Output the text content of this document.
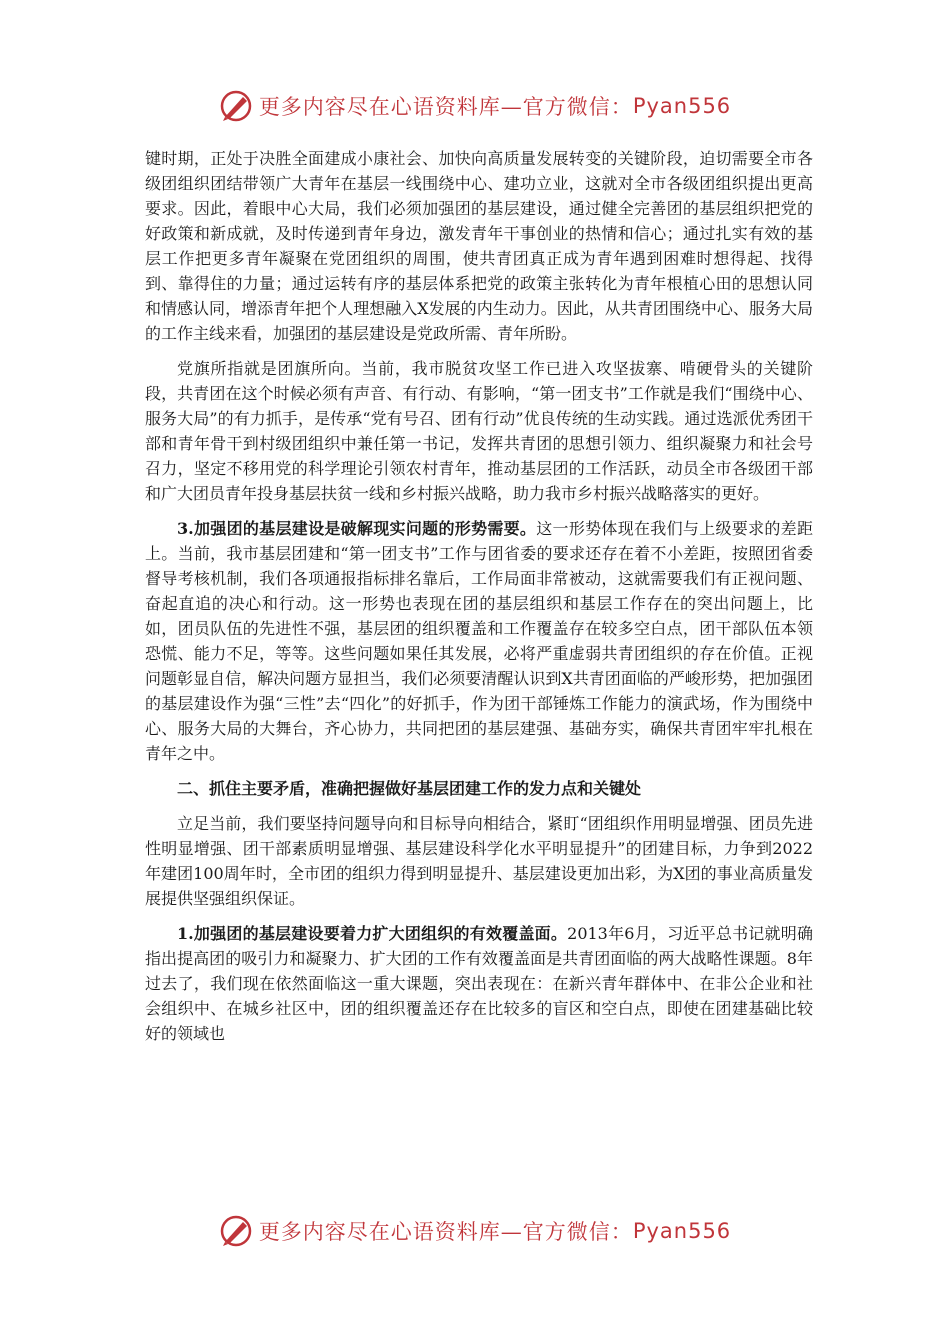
更多内容尽在心语资料库—官方微信： Pyan556

键时期，正处于决胜全面建成小康社会、加快向高质量发展转变的关键阶段，迫切需要全市各级团组织团结带领广大青年在基层一线围绕中心、建功立业，这就对全市各级团组织提出更高要求。因此，着眼中心大局，我们必须加强团的基层建设，通过健全完善团的基层组织把党的好政策和新成就，及时传递到青年身边，激发青年干事创业的热情和信心；通过扎实有效的基层工作把更多青年凝聚在党团组织的周围，使共青团真正成为青年遇到困难时想得起、找得到、靠得住的力量；通过运转有序的基层体系把党的政策主张转化为青年根植心田的思想认同和情感认同，增添青年把个人理想融入X发展的内生动力。因此，从共青团围绕中心、服务大局的工作主线来看，加强团的基层建设是党政所需、青年所盼。

党旗所指就是团旗所向。当前，我市脱贫攻坚工作已进入攻坚拔寨、啃硬骨头的关键阶段，共青团在这个时候必须有声音、有行动、有影响，“第一团支书”工作就是我们“围绕中心、服务大局”的有力抓手，是传承“党有号召、团有行动”优良传统的生动实践。通过选派优秀团干部和青年骨干到村级团组织中兼任第一书记，发挥共青团的思想引领力、组织凝聚力和社会号召力，坚定不移用党的科学理论引领农村青年，推动基层团的工作活跃，动员全市各级团干部和广大团员青年投身基层扶贫一线和乡村振兴战略，助力我市乡村振兴战略落实的更好。

3.加强团的基层建设是破解现实问题的形势需要。这一形势体现在我们与上级要求的差距上。当前，我市基层团建和“第一团支书”工作与团省委的要求还存在着不小差距，按照团省委督导考核机制，我们各项通报指标排名靠后，工作局面非常被动，这就需要我们有正视问题、奋起直追的决心和行动。这一形势也表现在团的基层组织和基层工作存在的突出问题上，比如，团员队伍的先进性不强，基层团的组织覆盖和工作覆盖存在较多空白点，团干部队伍本领恐慌、能力不足，等等。这些问题如果任其发展，必将严重虚弱共青团组织的存在价值。正视问题彰显自信，解决问题方显担当，我们必须要清醒认识到X共青团面临的严峻形势，把加强团的基层建设作为强“三性”去“四化”的好抓手，作为团干部锤炼工作能力的演武场，作为围绕中心、服务大局的大舞台，齐心协力，共同把团的基层建强、基础夯实，确保共青团牢牢扎根在青年之中。

二、抓住主要矛盾，准确把握做好基层团建工作的发力点和关键处

立足当前，我们要坚持问题导向和目标导向相结合，紧盯“团组织作用明显增强、团员先进性明显增强、团干部素质明显增强、基层建设科学化水平明显提升”的团建目标，力争到2022年建团100周年时，全市团的组织力得到明显提升、基层建设更加出彩，为X团的事业高质量发展提供坚强组织保证。

1.加强团的基层建设要着力扩大团组织的有效覆盖面。2013年6月，习近平总书记就明确指出提高团的吸引力和凝聚力、扩大团的工作有效覆盖面是共青团面临的两大战略性课题。8年过去了，我们现在依然面临这一重大课题，突出表现在：在新兴青年群体中、在非公企业和社会组织中、在城乡社区中，团的组织覆盖还存在比较多的盲区和空白点，即使在团建基础比较好的领域也

更多内容尽在心语资料库—官方微信： Pyan556
